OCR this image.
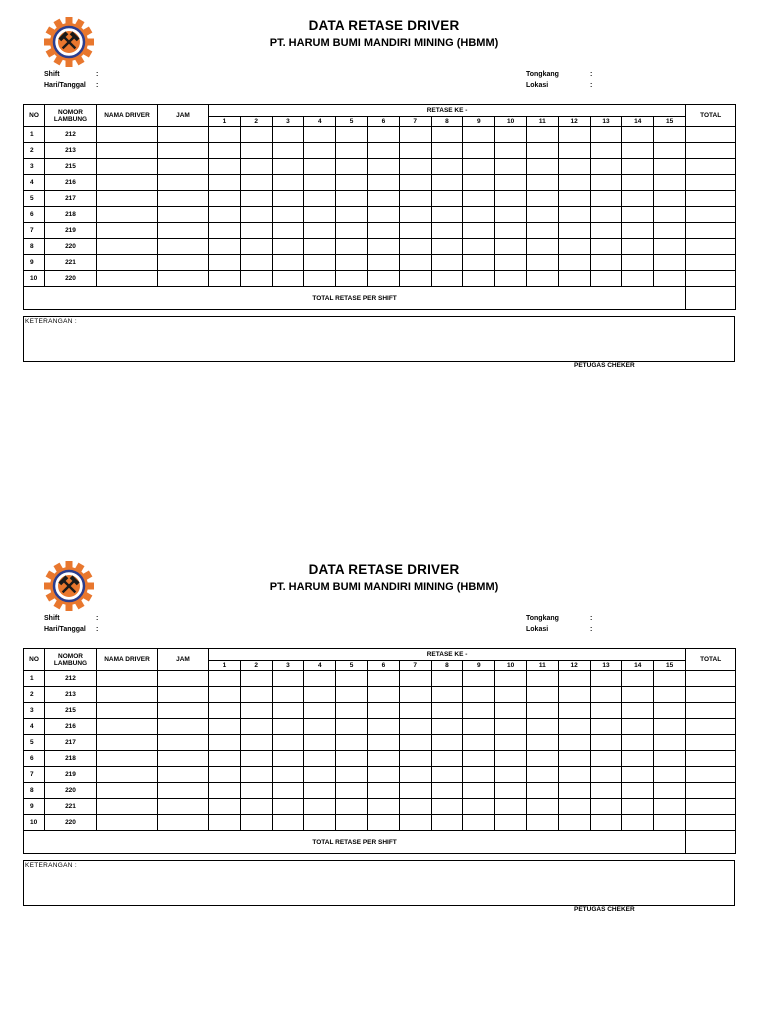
DATA RETASE DRIVER
PT. HARUM BUMI MANDIRI MINING (HBMM)
Shift	:
Hari/Tanggal :
Tongkang	:
Lokasi	:
NO	NOMOR LAMBUNG	NAMA DRIVER	JAM	RETASE KE -															TOTAL
				1	2	3	4	5	6	7	8	9	10	11	12	13	14	15	
1	212																		
2	213																		
3	215																		
4	216																		
5	217																		
6	218																		
7	219																		
8	220																		
9	221																		
10	220																		
TOTAL RETASE PER SHIFT																			
KETERANGAN :
PETUGAS CHEKER
DATA RETASE DRIVER
PT. HARUM BUMI MANDIRI MINING (HBMM)
Shift	:
Hari/Tanggal :
Tongkang	:
Lokasi	:
NO	NOMOR LAMBUNG	NAMA DRIVER	JAM	RETASE KE -															TOTAL
				1	2	3	4	5	6	7	8	9	10	11	12	13	14	15	
1	212																		
2	213																		
3	215																		
4	216																		
5	217																		
6	218																		
7	219																		
8	220																		
9	221																		
10	220																		
TOTAL RETASE PER SHIFT																			
KETERANGAN :
PETUGAS CHEKER
